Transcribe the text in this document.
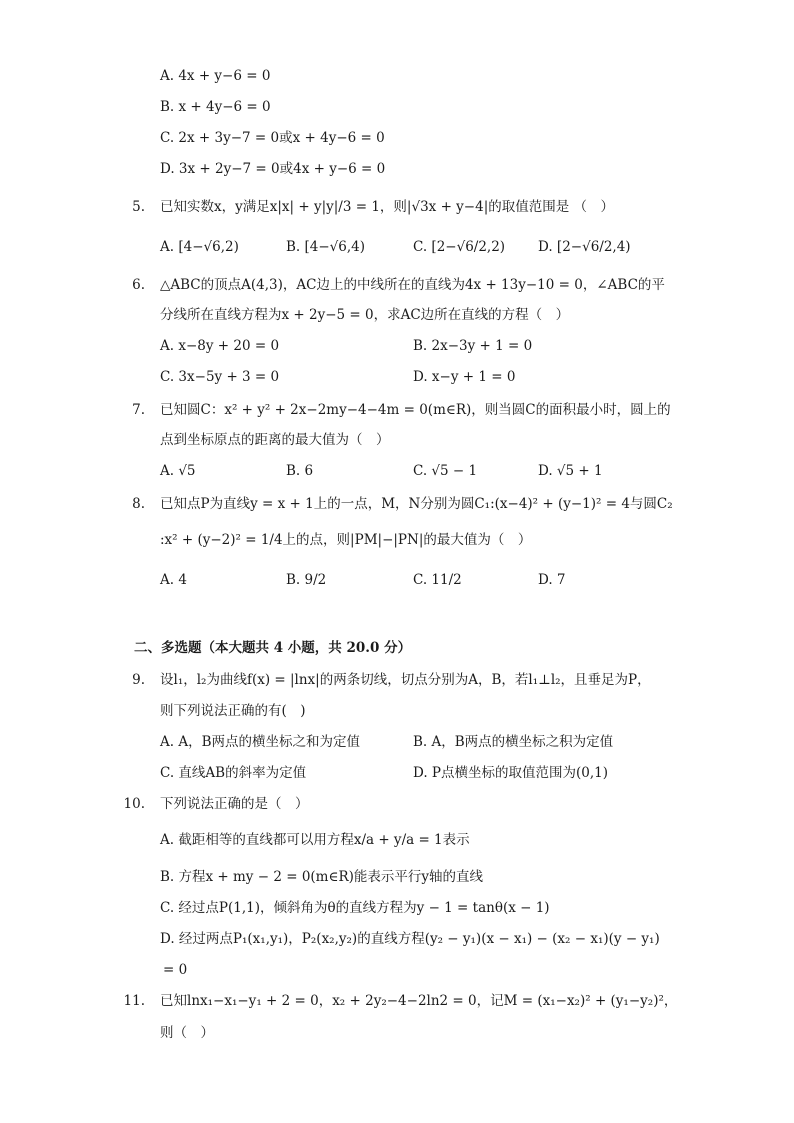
A. 4x + y−6 = 0
B. x + 4y−6 = 0
C. 2x + 3y−7 = 0或x + 4y−6 = 0
D. 3x + 2y−7 = 0或4x + y−6 = 0
5. 已知实数x，y满足x|x| + y|y|/3 = 1，则|√3x + y−4|的取值范围是 （　）
A. [4−√6,2)	B. [4−√6,4)	C. [2−√6/2,2) D. [2−√6/2,4)
6. △ABC的顶点A(4,3)，AC边上的中线所在的直线为4x + 13y−10 = 0，∠ABC的平
分线所在直线方程为x + 2y−5 = 0，求AC边所在直线的方程（　）
A. x−8y + 20 = 0	B. 2x−3y + 1 = 0
C. 3x−5y + 3 = 0	D. x−y + 1 = 0
7. 已知圆C：x² + y² + 2x−2my−4−4m = 0(m∈R)，则当圆C的面积最小时，圆上的
点到坐标原点的距离的最大值为（　）
A. √5	B. 6	C. √5 − 1	D. √5 + 1
8. 已知点P为直线y = x + 1上的一点，M，N分别为圆C₁:(x−4)² + (y−1)² = 4与圆C₂
:x² + (y−2)² = 1/4上的点，则|PM|−|PN|的最大值为（　）
A. 4	B. 9/2	C. 11/2	D. 7
二、多选题（本大题共 4 小题，共 20.0 分）
9. 设l₁，l₂为曲线f(x) = |lnx|的两条切线，切点分别为A，B，若l₁⊥l₂，且垂足为P，
则下列说法正确的有(　)
A. A，B两点的横坐标之和为定值	B. A，B两点的横坐标之积为定值
C. 直线AB的斜率为定值	D. P点横坐标的取值范围为(0,1)
10. 下列说法正确的是（　）
A. 截距相等的直线都可以用方程x/a + y/a = 1表示
B. 方程x + my − 2 = 0(m∈R)能表示平行y轴的直线
C. 经过点P(1,1)，倾斜角为θ的直线方程为y − 1 = tanθ(x − 1)
D. 经过两点P₁(x₁,y₁)，P₂(x₂,y₂)的直线方程(y₂ − y₁)(x − x₁) − (x₂ − x₁)(y − y₁)
= 0
11. 已知lnx₁−x₁−y₁ + 2 = 0，x₂ + 2y₂−4−2ln2 = 0，记M = (x₁−x₂)² + (y₁−y₂)²，
则（　）
